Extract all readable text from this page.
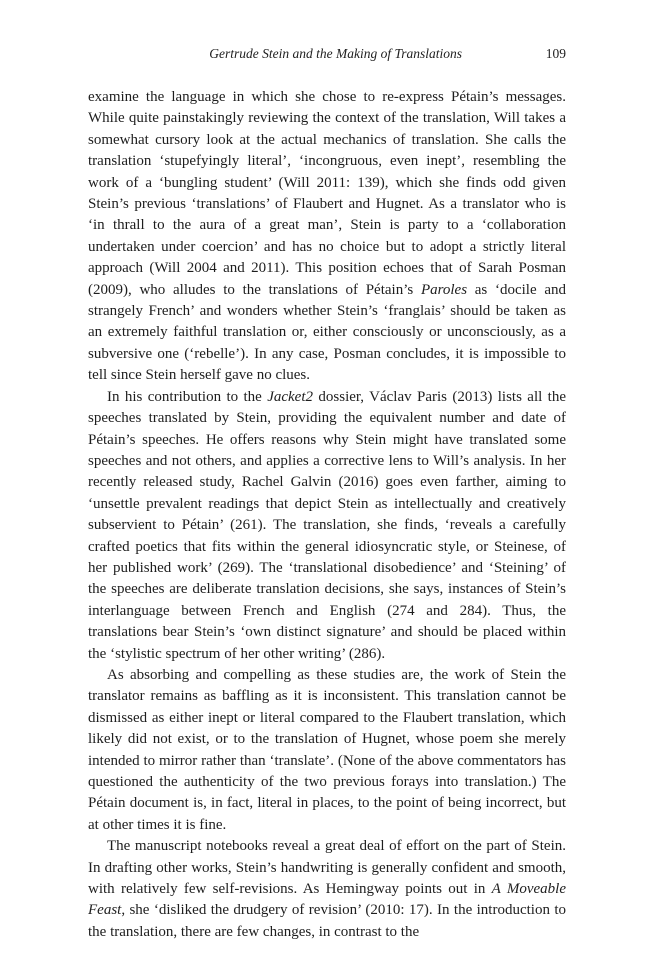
Gertrude Stein and the Making of Translations	109

examine the language in which she chose to re-express Pétain’s messages. While quite painstakingly reviewing the context of the translation, Will takes a somewhat cursory look at the actual mechanics of translation. She calls the translation ‘stupefyingly literal’, ‘incongruous, even inept’, resembling the work of a ‘bungling student’ (Will 2011: 139), which she finds odd given Stein’s previous ‘translations’ of Flaubert and Hugnet. As a translator who is ‘in thrall to the aura of a great man’, Stein is party to a ‘collaboration undertaken under coercion’ and has no choice but to adopt a strictly literal approach (Will 2004 and 2011). This position echoes that of Sarah Posman (2009), who alludes to the translations of Pétain’s Paroles as ‘docile and strangely French’ and wonders whether Stein’s ‘franglais’ should be taken as an extremely faithful translation or, either consciously or unconsciously, as a subversive one (‘rebelle’). In any case, Posman concludes, it is impossible to tell since Stein herself gave no clues.

In his contribution to the Jacket2 dossier, Václav Paris (2013) lists all the speeches translated by Stein, providing the equivalent number and date of Pétain’s speeches. He offers reasons why Stein might have translated some speeches and not others, and applies a corrective lens to Will’s analysis. In her recently released study, Rachel Galvin (2016) goes even farther, aiming to ‘unsettle prevalent readings that depict Stein as intellectually and creatively subservient to Pétain’ (261). The translation, she finds, ‘reveals a carefully crafted poetics that fits within the general idiosyncratic style, or Steinese, of her published work’ (269). The ‘translational disobedience’ and ‘Steining’ of the speeches are deliberate translation decisions, she says, instances of Stein’s interlanguage between French and English (274 and 284). Thus, the translations bear Stein’s ‘own distinct signature’ and should be placed within the ‘stylistic spectrum of her other writing’ (286).

As absorbing and compelling as these studies are, the work of Stein the translator remains as baffling as it is inconsistent. This translation cannot be dismissed as either inept or literal compared to the Flaubert translation, which likely did not exist, or to the translation of Hugnet, whose poem she merely intended to mirror rather than ‘translate’. (None of the above commentators has questioned the authenticity of the two previous forays into translation.) The Pétain document is, in fact, literal in places, to the point of being incorrect, but at other times it is fine.

The manuscript notebooks reveal a great deal of effort on the part of Stein. In drafting other works, Stein’s handwriting is generally confident and smooth, with relatively few self-revisions. As Hemingway points out in A Moveable Feast, she ‘disliked the drudgery of revision’ (2010: 17). In the introduction to the translation, there are few changes, in contrast to the
